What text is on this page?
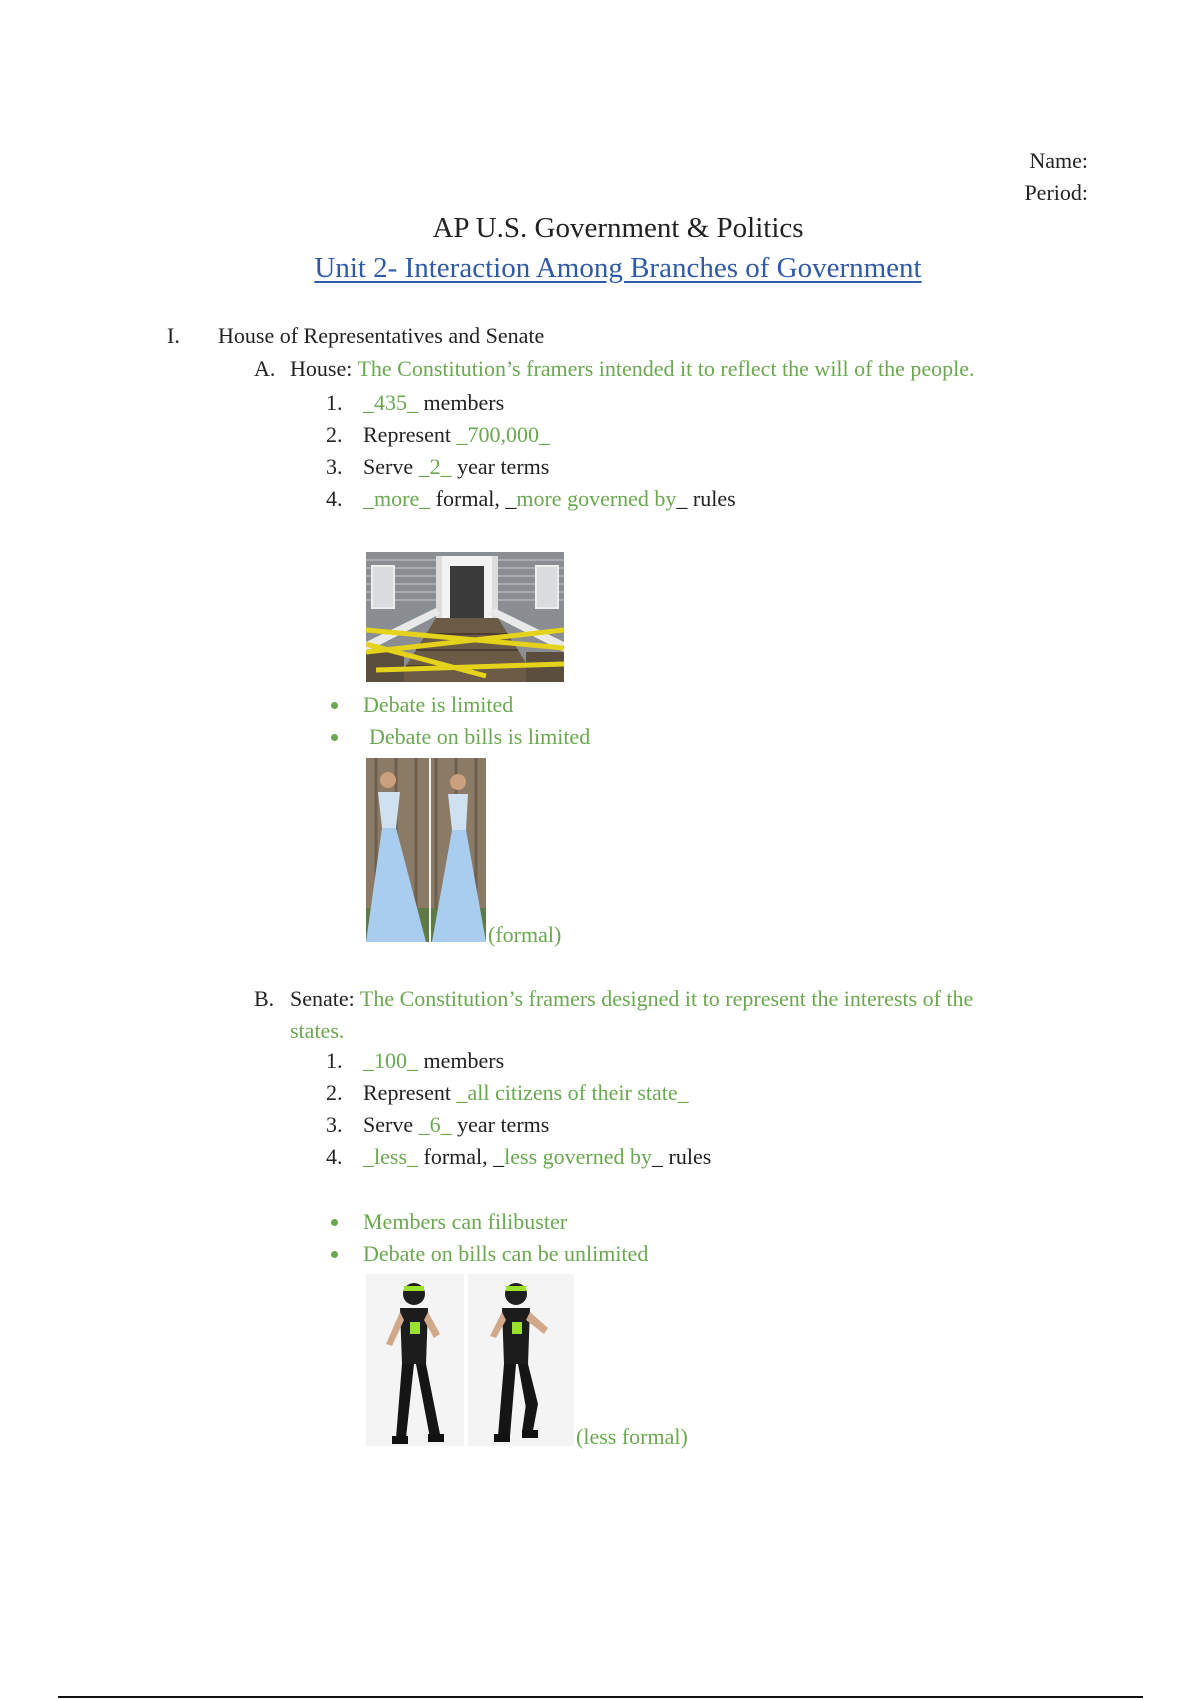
Name:
Period:
AP U.S. Government & Politics
Unit 2- Interaction Among Branches of Government
I. House of Representatives and Senate
A. House: The Constitution’s framers intended it to reflect the will of the people.
1. _435_ members
2. Represent _700,000_
3. Serve _2_ year terms
4. _more_ formal, _more governed by_ rules
Debate is limited
Debate on bills is limited
(formal)
B. Senate: The Constitution’s framers designed it to represent the interests of the
states.
1. _100_ members
2. Represent _all citizens of their state_
3. Serve _6_ year terms
4. _less_ formal, _less governed by_ rules
Members can filibuster
Debate on bills can be unlimited
(less formal)
